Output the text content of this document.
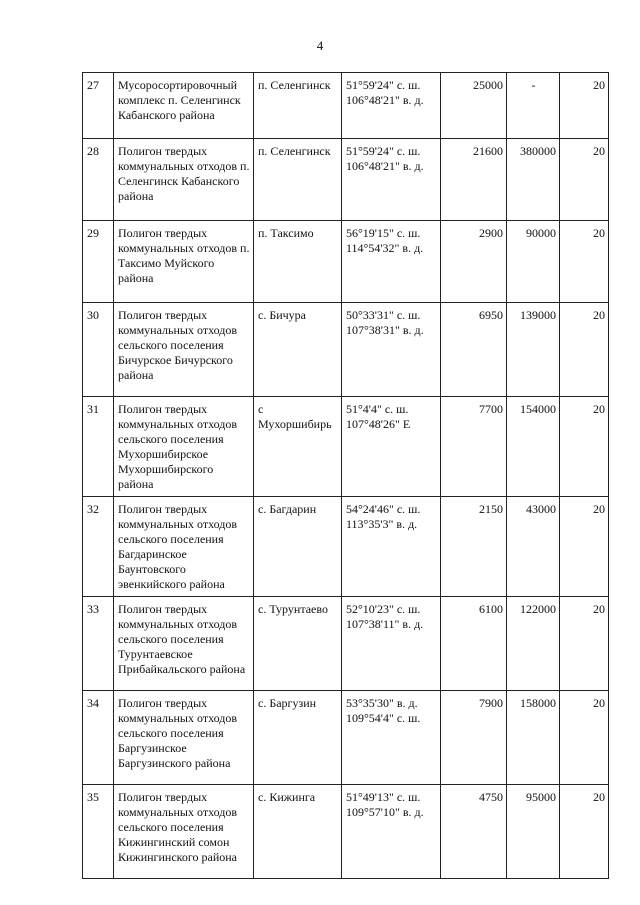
4
27	Мусоросортировочный комплекс п. Селенгинск Кабанского района	п. Селенгинск	51°59'24" с. ш. 106°48'21" в. д.	25000	-	20
28	Полигон твердых коммунальных отходов п. Селенгинск Кабанского района	п. Селенгинск	51°59'24" с. ш. 106°48'21" в. д.	21600	380000	20
29	Полигон твердых коммунальных отходов п. Таксимо Муйского района	п. Таксимо	56°19'15" с. ш. 114°54'32" в. д.	2900	90000	20
30	Полигон твердых коммунальных отходов сельского поселения Бичурское Бичурского района	с. Бичура	50°33'31" с. ш. 107°38'31" в. д.	6950	139000	20
31	Полигон твердых коммунальных отходов сельского поселения Мухоршибирское Мухоршибирского района	с Мухоршибирь	51°4'4" с. ш. 107°48'26" Е	7700	154000	20
32	Полигон твердых коммунальных отходов сельского поселения Багдаринское Баунтовского эвенкийского района	с. Багдарин	54°24'46" с. ш. 113°35'3" в. д.	2150	43000	20
33	Полигон твердых коммунальных отходов сельского поселения Турунтаевское Прибайкальского района	с. Турунтаево	52°10'23" с. ш. 107°38'11" в. д.	6100	122000	20
34	Полигон твердых коммунальных отходов сельского поселения Баргузинское Баргузинского района	с. Баргузин	53°35'30" в. д. 109°54'4" с. ш.	7900	158000	20
35	Полигон твердых коммунальных отходов сельского поселения Кижингинский сомон Кижингинского района	с. Кижинга	51°49'13" с. ш. 109°57'10" в. д.	4750	95000	20
